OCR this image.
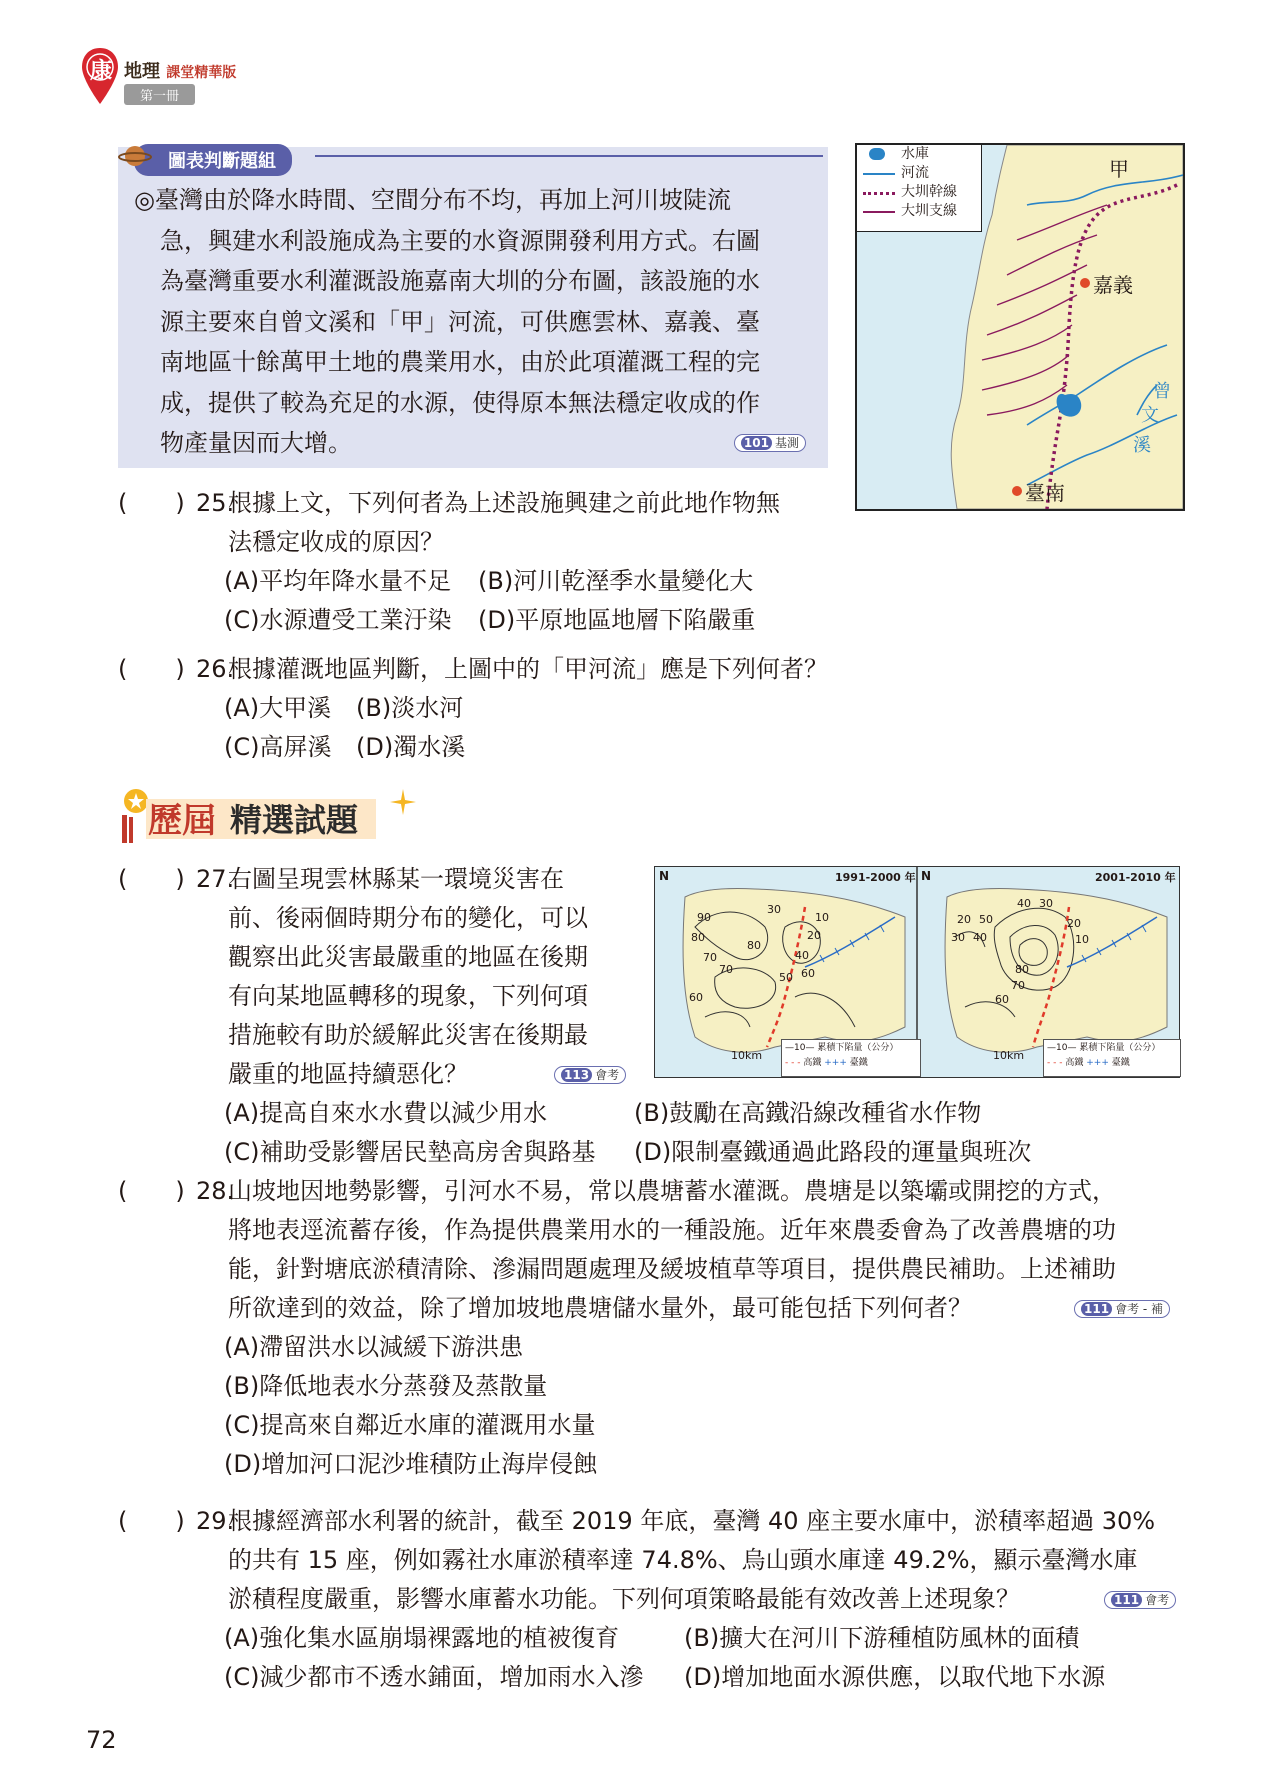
康 地理 課堂精華版
第一冊
圖表判斷題組

◎臺灣由於降水時間、空間分布不均，再加上河川坡陡流

急，興建水利設施成為主要的水資源開發利用方式。右圖

為臺灣重要水利灌溉設施嘉南大圳的分布圖，該設施的水

源主要來自曾文溪和「甲」河流，可供應雲林、嘉義、臺

南地區十餘萬甲土地的農業用水，由於此項灌溉工程的完

成，提供了較為充足的水源，使得原本無法穩定收成的作

物產量因而大增。	101 基測

水庫
河流
大圳幹線
大圳支線
甲
嘉義
臺南
曾
文
溪
(　　) 25.
根據上文，下列何者為上述設施興建之前此地作物無
法穩定收成的原因？
(A)平均年降水量不足 (B)河川乾溼季水量變化大
(C)水源遭受工業汙染 (D)平原地區地層下陷嚴重
(　　) 26.
根據灌溉地區判斷，上圖中的「甲河流」應是下列何者？
(A)大甲溪 (B)淡水河
(C)高屏溪 (D)濁水溪
歷屆 精選試題
(　　) 27.
右圖呈現雲林縣某一環境災害在
前、後兩個時期分布的變化，可以
觀察出此災害最嚴重的地區在後期
有向某地區轉移的現象，下列何項
措施較有助於緩解此災害在後期最
嚴重的地區持續惡化？	113 會考
(A)提高自來水水費以減少用水	(B)鼓勵在高鐵沿線改種省水作物
(C)補助受影響居民墊高房舍與路基 (D)限制臺鐵通過此路段的運量與班次
1991-2000 年	2001-2010 年
N	N
10km	10km
—10— 累積下陷量（公分）
- - - 高鐵 +++ 臺鐵
—10— 累積下陷量（公分）
- - - 高鐵 +++ 臺鐵
90
80
70
70
80
60
30
10
20
40
50 60
20
30 40
50
40 30
20
10
80
70
60
(　　) 28.
山坡地因地勢影響，引河水不易，常以農塘蓄水灌溉。農塘是以築壩或開挖的方式，
將地表逕流蓄存後，作為提供農業用水的一種設施。近年來農委會為了改善農塘的功
能，針對塘底淤積清除、滲漏問題處理及緩坡植草等項目，提供農民補助。上述補助
所欲達到的效益，除了增加坡地農塘儲水量外，最可能包括下列何者？	111 會考 - 補
(A)滯留洪水以減緩下游洪患
(B)降低地表水分蒸發及蒸散量
(C)提高來自鄰近水庫的灌溉用水量
(D)增加河口泥沙堆積防止海岸侵蝕
(　　) 29.
根據經濟部水利署的統計，截至 2019 年底，臺灣 40 座主要水庫中，淤積率超過 30%
的共有 15 座，例如霧社水庫淤積率達 74.8%、烏山頭水庫達 49.2%，顯示臺灣水庫
淤積程度嚴重，影響水庫蓄水功能。下列何項策略最能有效改善上述現象？	111 會考
(A)強化集水區崩塌裸露地的植被復育	(B)擴大在河川下游種植防風林的面積
(C)減少都市不透水鋪面，增加雨水入滲 (D)增加地面水源供應，以取代地下水源
72
